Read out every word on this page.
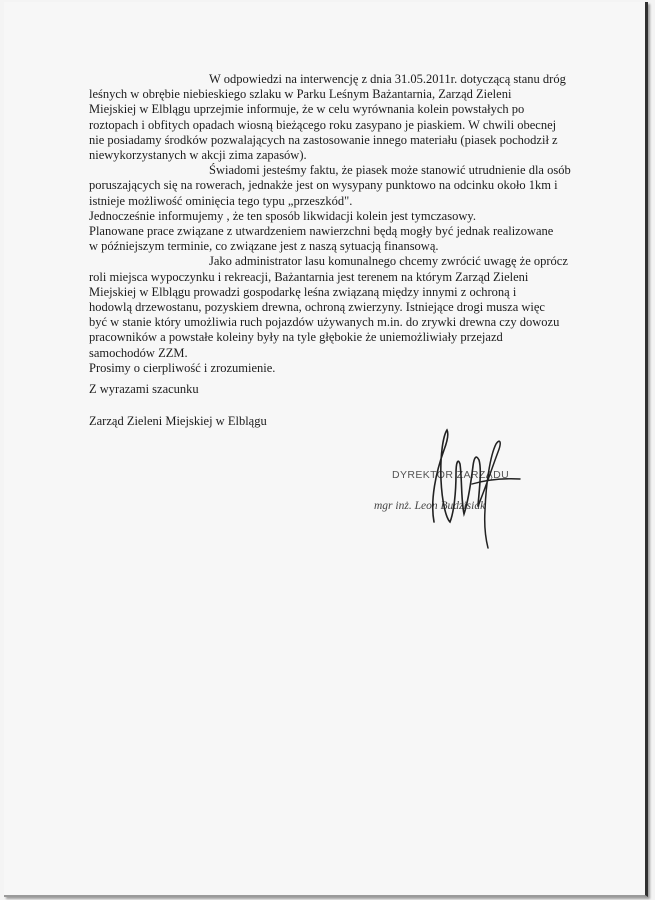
W odpowiedzi na interwencję z dnia 31.05.2011r. dotyczącą stanu dróg
leśnych w obrębie niebieskiego szlaku w Parku Leśnym Bażantarnia, Zarząd Zieleni
Miejskiej w Elblągu uprzejmie informuje, że w celu wyrównania kolein powstałych po
roztopach i obfitych opadach wiosną bieżącego roku zasypano je piaskiem. W chwili obecnej
nie posiadamy środków pozwalających na zastosowanie innego materiału (piasek pochodził z
niewykorzystanych w akcji zima zapasów).
Świadomi jesteśmy faktu, że piasek może stanowić utrudnienie dla osób
poruszających się na rowerach, jednakże jest on wysypany punktowo na odcinku około 1km i
istnieje możliwość ominięcia tego typu „przeszkód".
Jednocześnie informujemy , że ten sposób likwidacji kolein jest tymczasowy.
Planowane prace związane z utwardzeniem nawierzchni będą mogły być jednak realizowane
w późniejszym terminie, co związane jest z naszą sytuacją finansową.
Jako administrator lasu komunalnego chcemy zwrócić uwagę że oprócz
roli miejsca wypoczynku i rekreacji, Bażantarnia jest terenem na którym Zarząd Zieleni
Miejskiej w Elblągu prowadzi gospodarkę leśna związaną między innymi z ochroną i
hodowlą drzewostanu, pozyskiem drewna, ochroną zwierzyny. Istniejące drogi musza więc
być w stanie który umożliwia ruch pojazdów używanych m.in. do zrywki drewna czy dowozu
pracowników a powstałe koleiny były na tyle głębokie że uniemożliwiały przejazd
samochodów ZZM.
Prosimy o cierpliwość i zrozumienie.
Z wyrazami szacunku
Zarząd Zieleni Miejskiej w Elblągu
DYREKTOR ZARZĄDU
mgr inż. Leon Budzisiak
